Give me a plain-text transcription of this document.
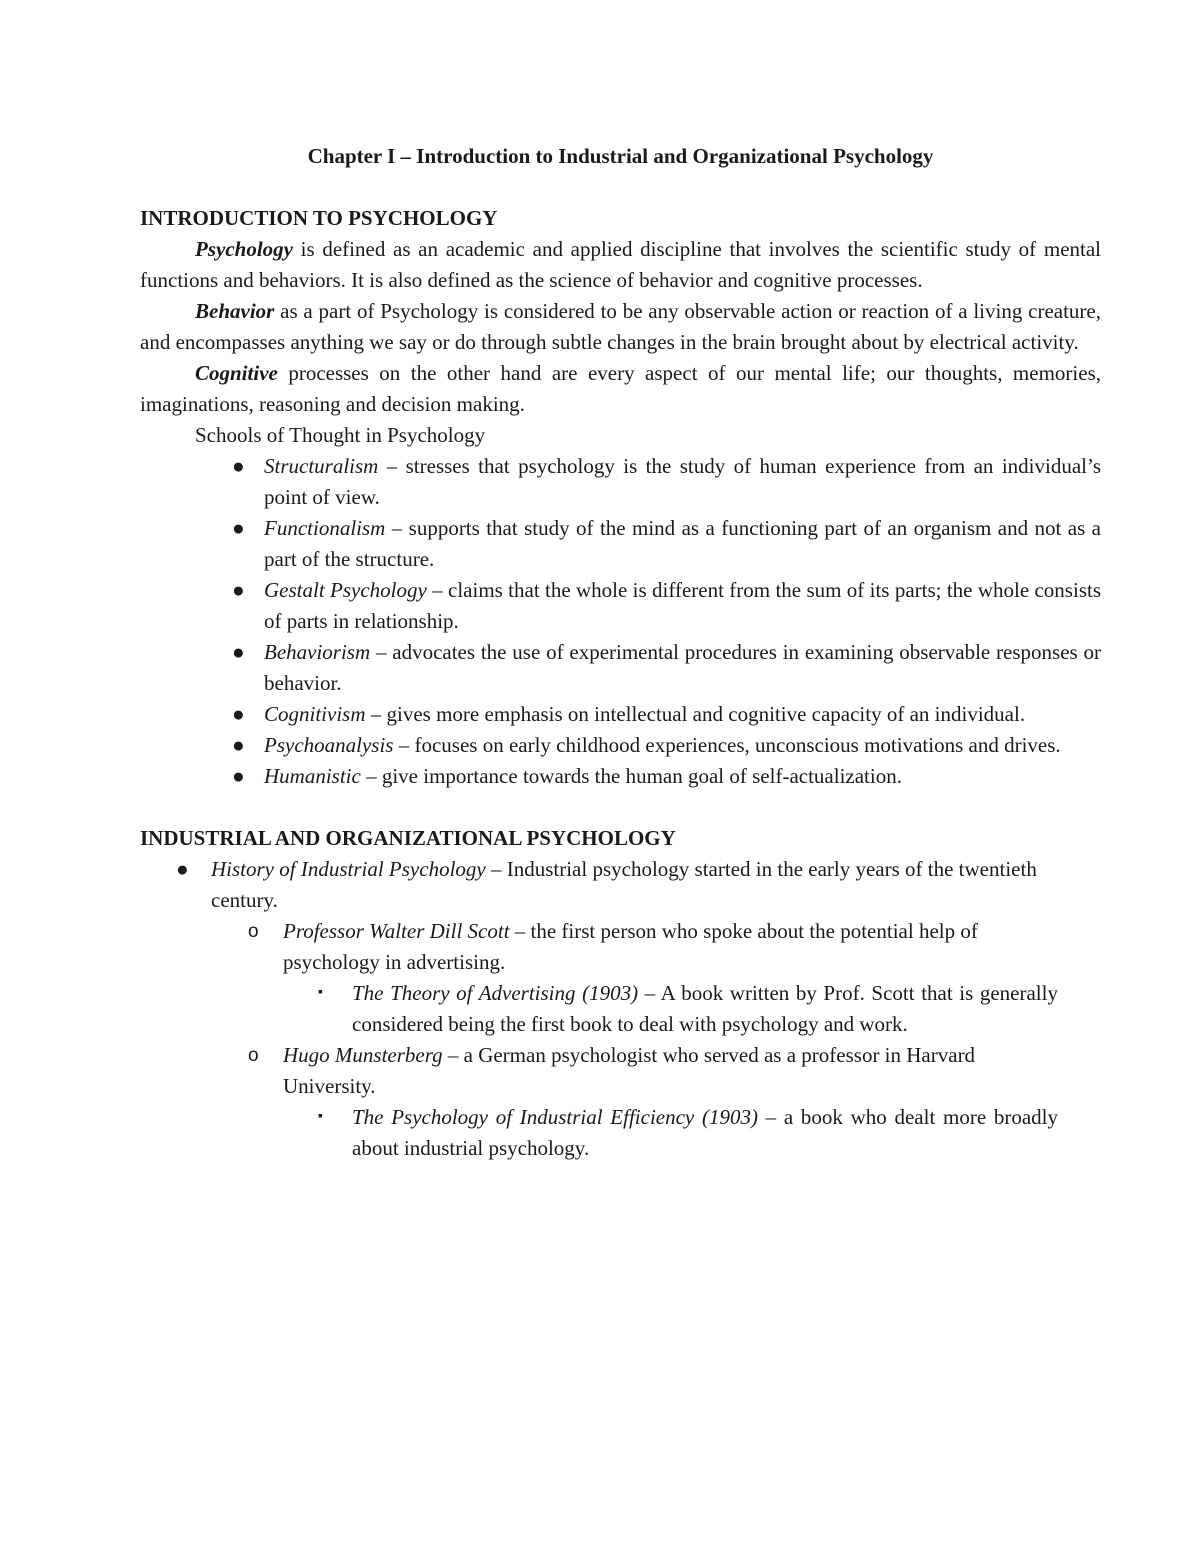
Chapter I – Introduction to Industrial and Organizational Psychology

INTRODUCTION TO PSYCHOLOGY

Psychology is defined as an academic and applied discipline that involves the scientific study of mental functions and behaviors. It is also defined as the science of behavior and cognitive processes.

Behavior as a part of Psychology is considered to be any observable action or reaction of a living creature, and encompasses anything we say or do through subtle changes in the brain brought about by electrical activity.

Cognitive processes on the other hand are every aspect of our mental life; our thoughts, memories, imaginations, reasoning and decision making.

Schools of Thought in Psychology

● Structuralism – stresses that psychology is the study of human experience from an individual’s point of view.
● Functionalism – supports that study of the mind as a functioning part of an organism and not as a part of the structure.
● Gestalt Psychology – claims that the whole is different from the sum of its parts; the whole consists of parts in relationship.
● Behaviorism – advocates the use of experimental procedures in examining observable responses or behavior.
● Cognitivism – gives more emphasis on intellectual and cognitive capacity of an individual.
● Psychoanalysis – focuses on early childhood experiences, unconscious motivations and drives.
● Humanistic – give importance towards the human goal of self-actualization.

INDUSTRIAL AND ORGANIZATIONAL PSYCHOLOGY

● History of Industrial Psychology – Industrial psychology started in the early years of the twentieth century.
o Professor Walter Dill Scott – the first person who spoke about the potential help of psychology in advertising.
▪ The Theory of Advertising (1903) – A book written by Prof. Scott that is generally considered being the first book to deal with psychology and work.
o Hugo Munsterberg – a German psychologist who served as a professor in Harvard University.
▪ The Psychology of Industrial Efficiency (1903) – a book who dealt more broadly about industrial psychology.
